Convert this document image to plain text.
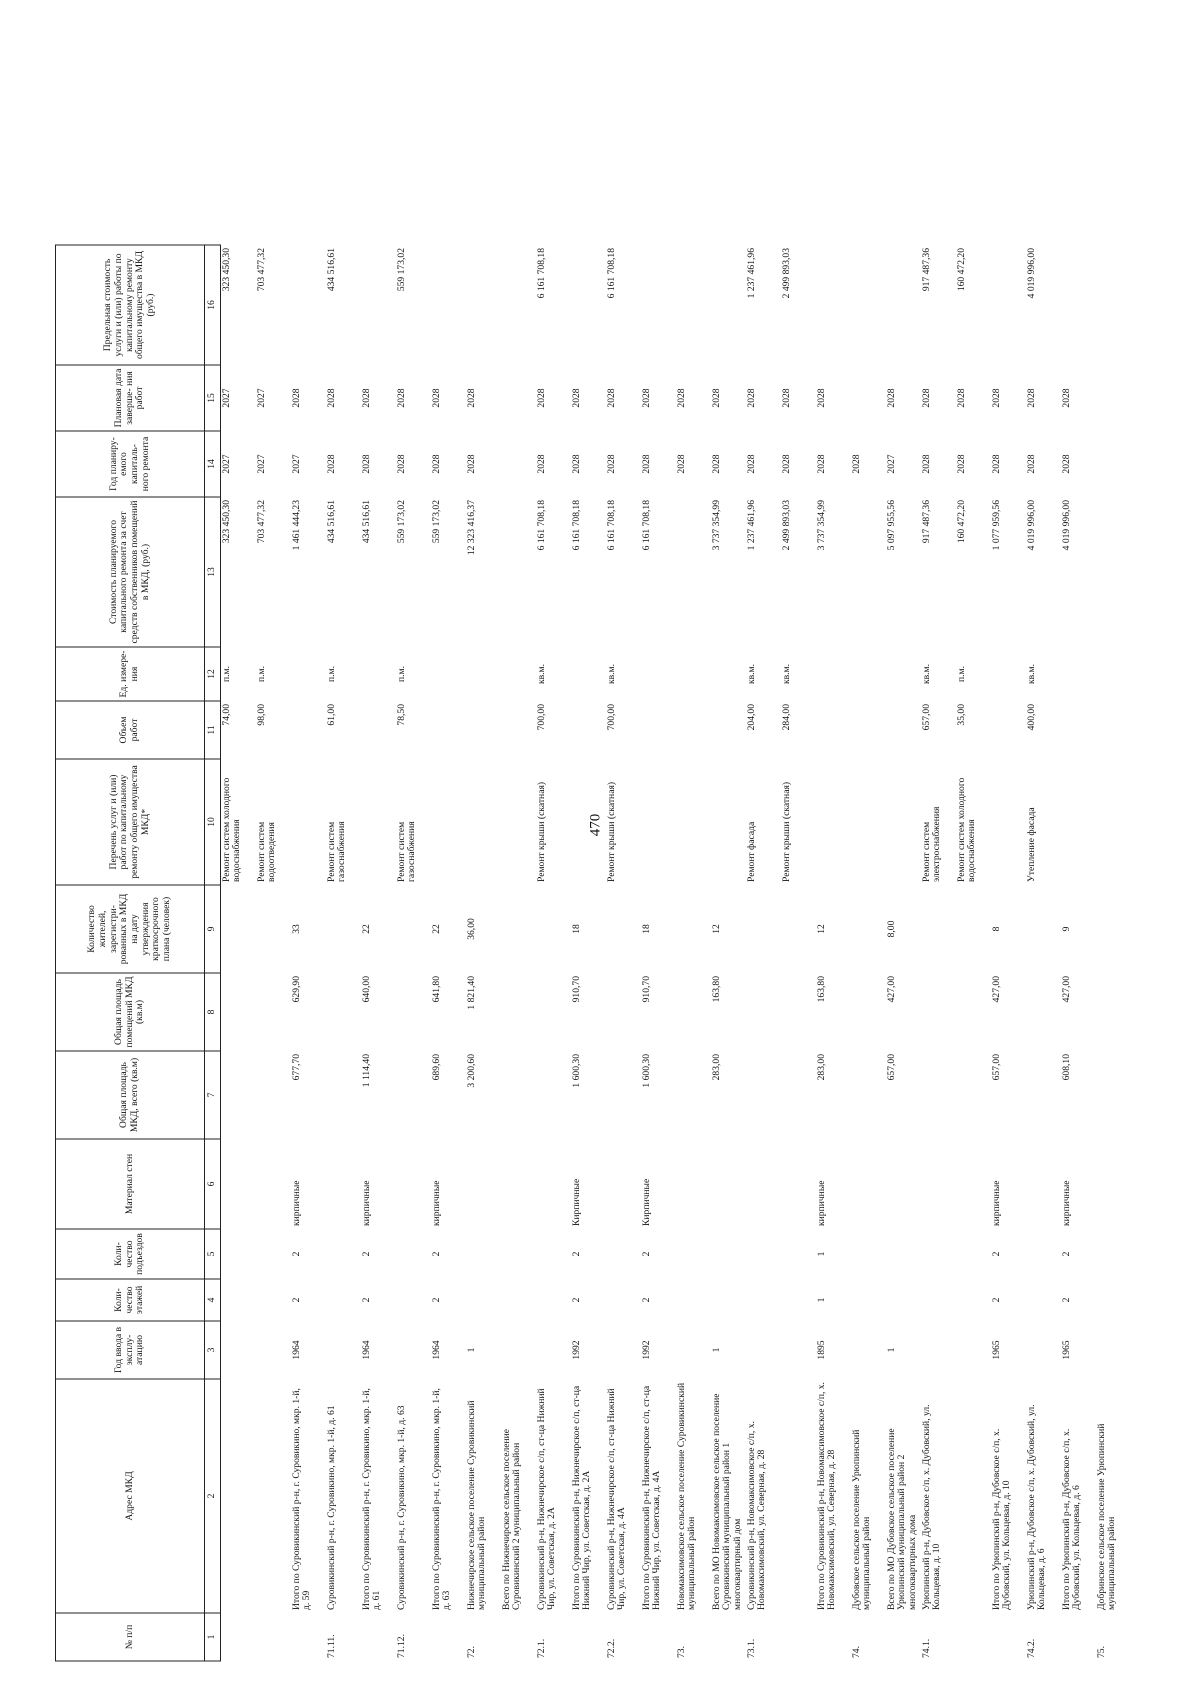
470
№ п/п	Адрес МКД	Год ввода в эксплу- атацию	Коли- чество этажей	Коли- чество подъездов	Материал стен	Общая площадь МКД, всего (кв.м)	Общая площадь помещений МКД (кв.м)	Количество жителей, зарегистри- рованных в МКД на дату утверждения краткосрочного плана (человек)	Перечень услуг и (или) работ по капитальному ремонту общего имущества МКД*	Объем работ	Ед. измере- ния	Стоимость планируемого капитального ремонта за счет средств собственников помещений в МКД, (руб.)	Год планиру- емого капиталь- ного ремонта	Плановая дата заверше- ния работ	Предельная стоимость услуги и (или) работы по капитальному ремонту общего имущества в МКД (руб.)
1	2	3	4	5	6	7	8	9	10	11	12	13	14	15	16
									Ремонт систем холодного водоснабжения	74,00	п.м.	323 450,30	2027	2027	323 450,30
									Ремонт систем водоотведения	98,00	п.м.	703 477,32	2027	2027	703 477,32
	Итого по Суровикинский р-н, г. Суровикино, мкр. 1-й, д. 59	1964	2	2	кирпичные	677,70	629,90	33				1 461 444,23	2027	2028	
71.11.	Суровикинский р-н, г. Суровикино, мкр. 1-й, д. 61								Ремонт систем газоснабжения	61,00	п.м.	434 516,61	2028	2028	434 516,61
	Итого по Суровикинский р-н, г. Суровикино, мкр. 1-й, д. 61	1964	2	2	кирпичные	1 114,40	640,00	22				434 516,61	2028	2028	
71.12.	Суровикинский р-н, г. Суровикино, мкр. 1-й, д. 63								Ремонт систем газоснабжения	78,50	п.м.	559 173,02	2028	2028	559 173,02
	Итого по Суровикинский р-н, г. Суровикино, мкр. 1-й, д. 63	1964	2	2	кирпичные	689,60	641,80	22				559 173,02	2028	2028	
72.	Нижнечирское сельское поселение Суровикинский муниципальный район	1				3 200,60	1 821,40	36,00				12 323 416,37	2028	2028	
	Всего по Нижнечирское сельское поселение Суровикинский 2 муниципальный район														
72.1.	Суровикинский р-н, Нижнечирское с/п, ст-ца Нижний Чир, ул. Советская, д. 2А								Ремонт крыши (скатная)	700,00	кв.м.	6 161 708,18	2028	2028	6 161 708,18
	Итого по Суровикинский р-н, Нижнечирское с/п, ст-ца Нижний Чир, ул. Советская, д. 2А	1992	2	2	Кирпичные	1 600,30	910,70	18				6 161 708,18	2028	2028	
72.2.	Суровикинский р-н, Нижнечирское с/п, ст-ца Нижний Чир, ул. Советская, д. 4А								Ремонт крыши (скатная)	700,00	кв.м.	6 161 708,18	2028	2028	6 161 708,18
	Итого по Суровикинский р-н, Нижнечирское с/п, ст-ца Нижний Чир, ул. Советская, д. 4А	1992	2	2	Кирпичные	1 600,30	910,70	18				6 161 708,18	2028	2028	
73.	Новомаксимовское сельское поселение Суровикинский муниципальный район												2028	2028	
	Всего по МО Новомаксимовское сельское поселение Суровикинский муниципальный район 1 многоквартирный дом	1				283,00	163,80	12				3 737 354,99	2028	2028	
73.1.	Суровикинский р-н, Новомаксимовское с/п, х. Новомаксимовский, ул. Северная, д. 28								Ремонт фасада	204,00	кв.м.	1 237 461,96	2028	2028	1 237 461,96
									Ремонт крыши (скатная)	284,00	кв.м.	2 499 893,03	2028	2028	2 499 893,03
	Итого по Суровикинский р-н, Новомаксимовское с/п, х. Новомаксимовский, ул. Северная, д. 28	1895	1	1	кирпичные	283,00	163,80	12				3 737 354,99	2028	2028	
74.	Дубовское сельское поселение Урюпинский муниципальный район												2028		
	Всего по МО Дубовское сельское поселение Урюпинский муниципальный район 2 многоквартирных дома	1				657,00	427,00	8,00				5 097 955,56	2027	2028	
74.1.	Урюпинский р-н, Дубовское с/п, х. Дубовский, ул. Кольцевая, д. 10								Ремонт систем электроснабжения	657,00	кв.м.	917 487,36	2028	2028	917 487,36
									Ремонт систем холодного водоснабжения	35,00	п.м.	160 472,20	2028	2028	160 472,20
	Итого по Урюпинский р-н, Дубовское с/п, х. Дубовский, ул. Кольцевая, д. 10	1965	2	2	кирпичные	657,00	427,00	8				1 077 959,56	2028	2028	
74.2.	Урюпинский р-н, Дубовское с/п, х. Дубовский, ул. Кольцевая, д. 6								Утепление фасада	400,00	кв.м.	4 019 996,00	2028	2028	4 019 996,00
	Итого по Урюпинский р-н, Дубовское с/п, х. Дубовский, ул. Кольцевая, д. 6	1965	2	2	кирпичные	608,10	427,00	9				4 019 996,00	2028	2028	
75.	Добринское сельское поселение Урюпинский муниципальный район														
